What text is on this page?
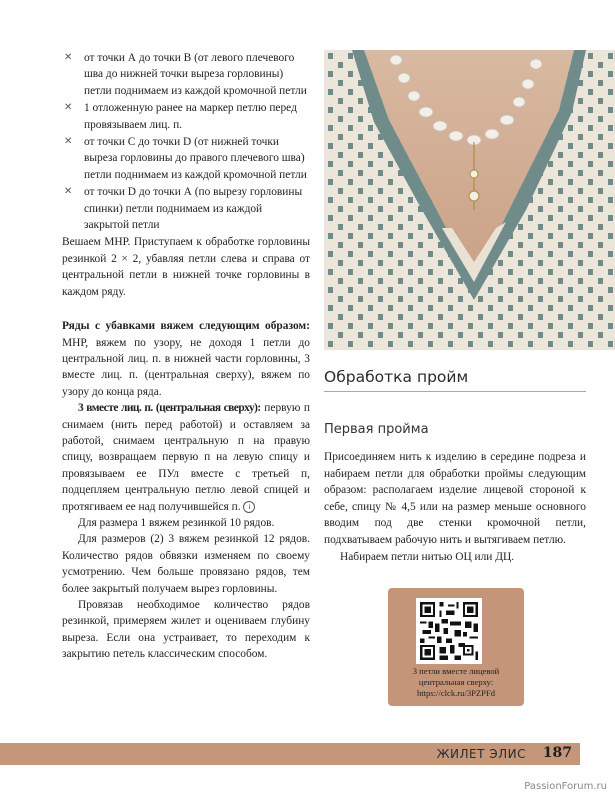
✕ от точки А до точки В (от левого плечевого шва до нижней точки выреза горловины) петли поднимаем из каждой кромочной петли
✕ 1 отложенную ранее на маркер петлю перед провязываем лиц. п.
✕ от точки С до точки D (от нижней точки выреза горловины до правого плечевого шва) петли поднимаем из каждой кромочной петли
✕ от точки D до точки А (по вырезу горловины спинки) петли поднимаем из каждой закрытой петли

Вешаем МНР. Приступаем к обработке горловины резинкой 2 × 2, убавляя петли слева и справа от центральной петли в нижней точке горловины в каждом ряду.

Ряды с убавками вяжем следующим образом: МНР, вяжем по узору, не доходя 1 петли до центральной лиц. п. в нижней части горловины, 3 вместе лиц. п. (центральная сверху), вяжем по узору до конца ряда.

3 вместе лиц. п. (центральная сверху): первую п снимаем (нить перед работой) и оставляем за работой, снимаем центральную п на правую спицу, возвращаем первую п на левую спицу и провязываем ее ПУл вместе с третьей п, подцепляем центральную петлю левой спицей и протягиваем ее над получившейся п. i

Для размера 1 вяжем резинкой 10 рядов.

Для размеров (2) 3 вяжем резинкой 12 рядов. Количество рядов обвязки изменяем по своему усмотрению. Чем больше провязано рядов, тем более закрытый получаем вырез горловины.

Провязав необходимое количество рядов резинкой, примеряем жилет и оцениваем глубину выреза. Если она устраивает, то переходим к закрытию петель классическим способом.

Обработка пройм
Первая пройма

Присоединяем нить к изделию в середине подреза и набираем петли для обработки проймы следующим образом: располагаем изделие лицевой стороной к себе, спицу № 4,5 или на размер меньше основного вводим под две стенки кромочной петли, подхватываем рабочую нить и вытягиваем петлю.

Набираем петли нитью ОЦ или ДЦ.

3 петли вместе лицевой центральная сверху: https://clck.ru/3PZPFd
ЖИЛЕТ ЭЛИС 187
PassionForum.ru
